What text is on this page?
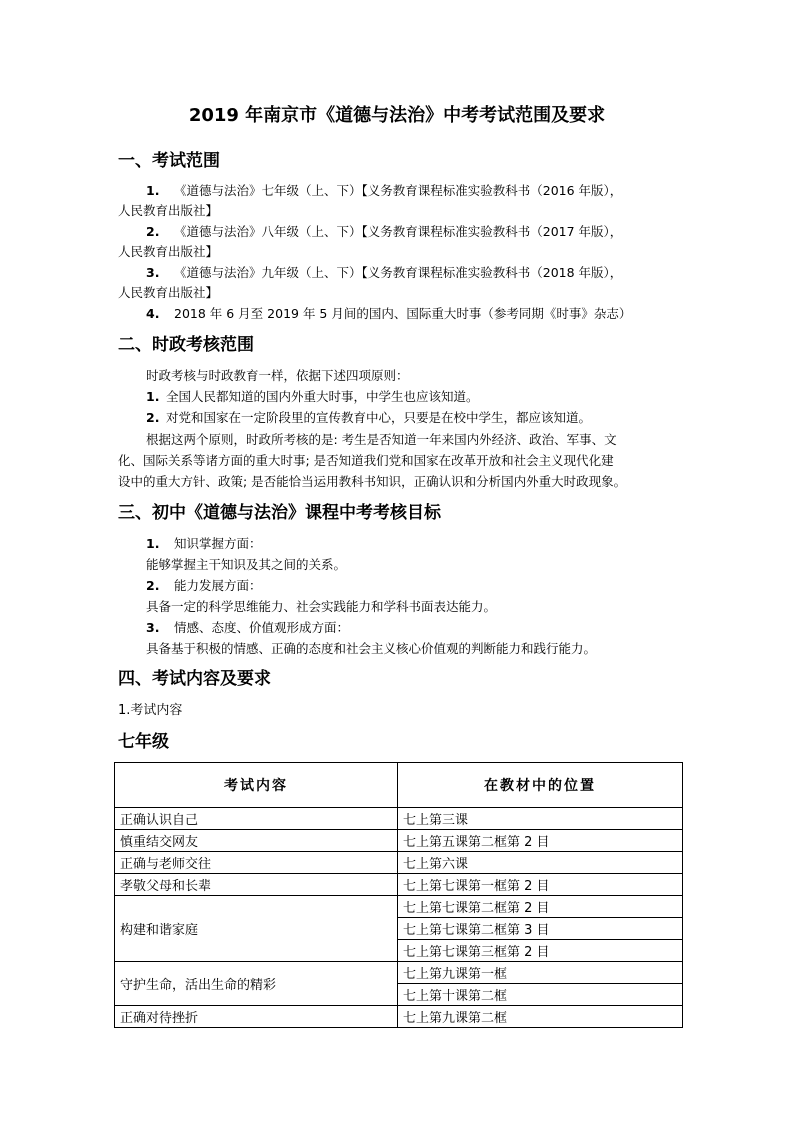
2019 年南京市《道德与法治》中考考试范围及要求
一、考试范围
1. 《道德与法治》七年级（上、下）【义务教育课程标准实验教科书（2016 年版），
人民教育出版社】
2. 《道德与法治》八年级（上、下）【义务教育课程标准实验教科书（2017 年版），
人民教育出版社】
3. 《道德与法治》九年级（上、下）【义务教育课程标准实验教科书（2018 年版），
人民教育出版社】
4. 2018 年 6 月至 2019 年 5 月间的国内、国际重大时事（参考同期《时事》杂志）
二、时政考核范围
时政考核与时政教育一样，依据下述四项原则：
1. 全国人民都知道的国内外重大时事，中学生也应该知道。
2. 对党和国家在一定阶段里的宣传教育中心，只要是在校中学生，都应该知道。
根据这两个原则，时政所考核的是: 考生是否知道一年来国内外经济、政治、军事、文
化、国际关系等诸方面的重大时事; 是否知道我们党和国家在改革开放和社会主义现代化建
设中的重大方针、政策; 是否能恰当运用教科书知识，正确认识和分析国内外重大时政现象。
三、初中《道德与法治》课程中考考核目标
1. 知识掌握方面：
能够掌握主干知识及其之间的关系。
2. 能力发展方面：
具备一定的科学思维能力、社会实践能力和学科书面表达能力。
3. 情感、态度、价值观形成方面：
具备基于积极的情感、正确的态度和社会主义核心价值观的判断能力和践行能力。
四、考试内容及要求
1.考试内容
七年级
考试内容	在教材中的位置
正确认识自己	七上第三课
慎重结交网友	七上第五课第二框第 2 目
正确与老师交往	七上第六课
孝敬父母和长辈	七上第七课第一框第 2 目
构建和谐家庭	七上第七课第二框第 2 目
	七上第七课第二框第 3 目
	七上第七课第三框第 2 目
守护生命，活出生命的精彩	七上第九课第一框
	七上第十课第二框
正确对待挫折	七上第九课第二框
